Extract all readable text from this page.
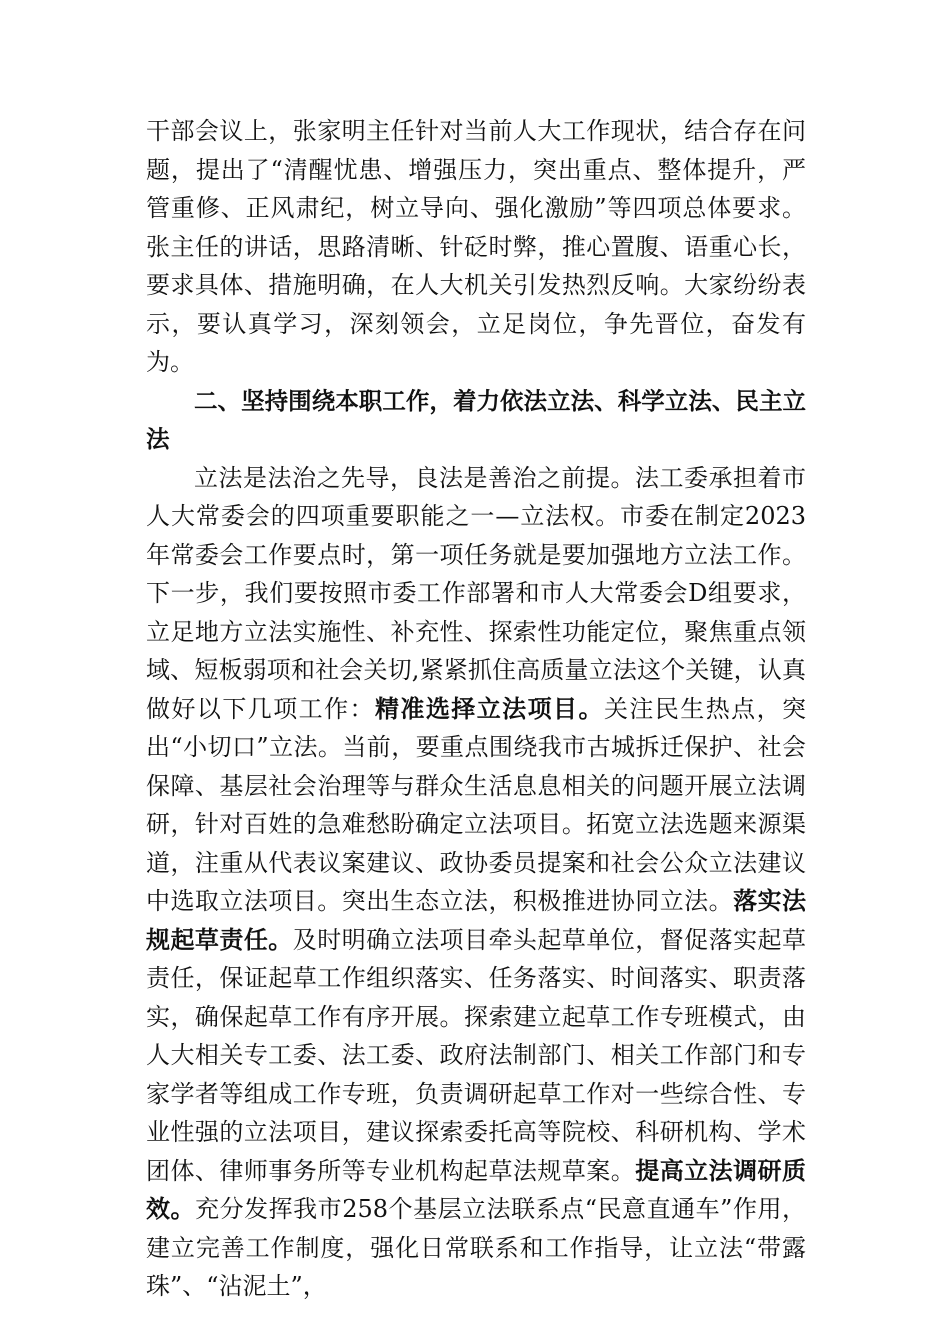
干部会议上，张家明主任针对当前人大工作现状，结合存在问题，提出了“清醒忧患、增强压力，突出重点、整体提升，严管重修、正风肃纪，树立导向、强化激励”等四项总体要求。张主任的讲话，思路清晰、针砭时弊，推心置腹、语重心长，要求具体、措施明确，在人大机关引发热烈反响。大家纷纷表示，要认真学习，深刻领会，立足岗位，争先晋位，奋发有为。

二、坚持围绕本职工作，着力依法立法、科学立法、民主立法

立法是法治之先导，良法是善治之前提。法工委承担着市人大常委会的四项重要职能之一—立法权。市委在制定2023年常委会工作要点时，第一项任务就是要加强地方立法工作。下一步，我们要按照市委工作部署和市人大常委会D组要求，立足地方立法实施性、补充性、探索性功能定位，聚焦重点领域、短板弱项和社会关切,紧紧抓住高质量立法这个关键，认真做好以下几项工作：精准选择立法项目。关注民生热点，突出“小切口”立法。当前，要重点围绕我市古城拆迁保护、社会保障、基层社会治理等与群众生活息息相关的问题开展立法调研，针对百姓的急难愁盼确定立法项目。拓宽立法选题来源渠道，注重从代表议案建议、政协委员提案和社会公众立法建议中选取立法项目。突出生态立法，积极推进协同立法。落实法规起草责任。及时明确立法项目牵头起草单位，督促落实起草责任，保证起草工作组织落实、任务落实、时间落实、职责落实，确保起草工作有序开展。探索建立起草工作专班模式，由人大相关专工委、法工委、政府法制部门、相关工作部门和专家学者等组成工作专班，负责调研起草工作对一些综合性、专业性强的立法项目，建议探索委托高等院校、科研机构、学术团体、律师事务所等专业机构起草法规草案。提高立法调研质效。充分发挥我市258个基层立法联系点“民意直通车”作用，建立完善工作制度，强化日常联系和工作指导，让立法“带露珠”、“沾泥土”，
